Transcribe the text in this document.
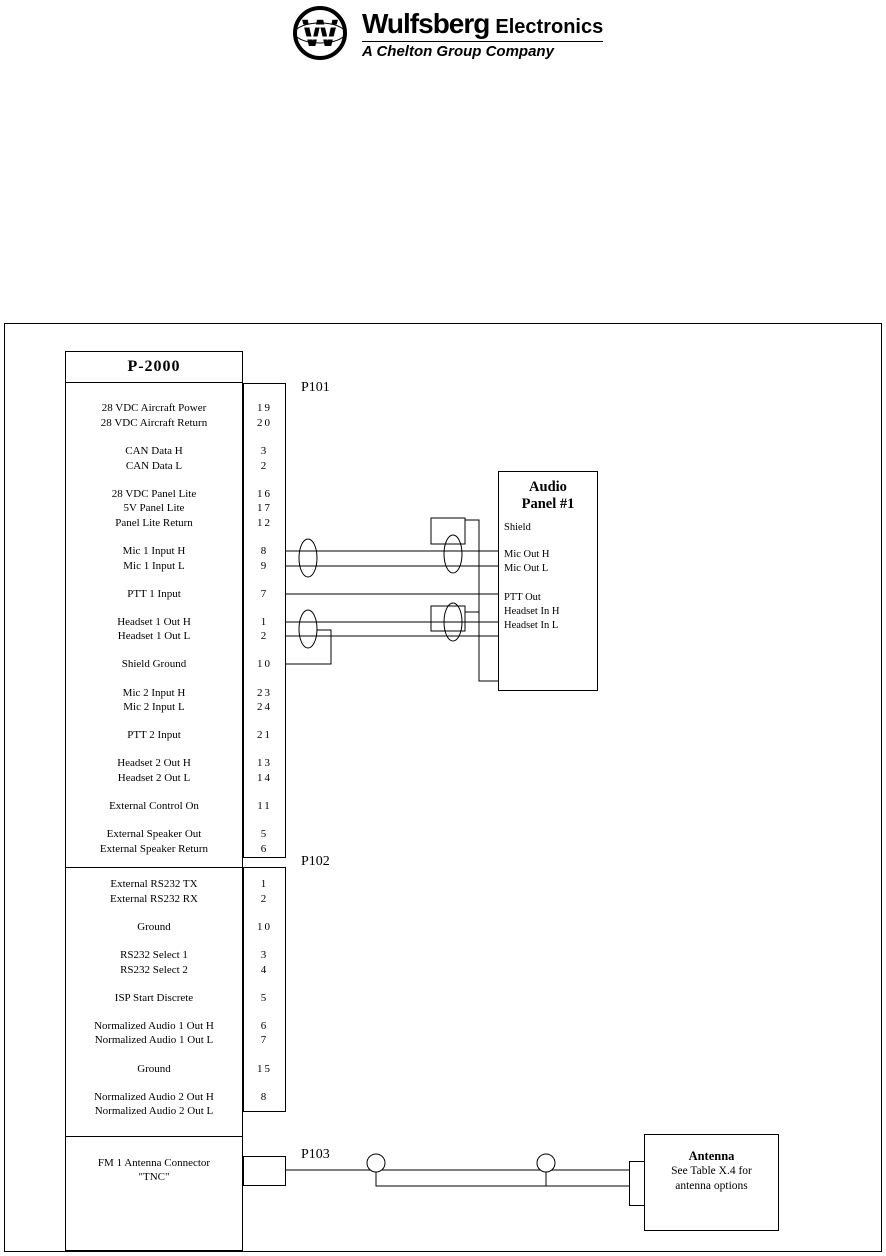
W Wulfsberg Electronics
A Chelton Group Company
P-2000
28 VDC Aircraft Power	19
28 VDC Aircraft Return	20
CAN Data H	3
CAN Data L	2
28 VDC Panel Lite	16
5V Panel Lite	17
Panel Lite Return	12
Mic 1 Input H	8
Mic 1 Input L	9
PTT 1 Input	7
Headset 1 Out H	1
Headset 1 Out L	2
Shield Ground	10
Mic 2 Input H	23
Mic 2 Input L	24
PTT 2 Input	21
Headset 2 Out H	13
Headset 2 Out L	14
External Control On	11
External Speaker Out	5
External Speaker Return	6
External RS232 TX	1
External RS232 RX	2
Ground	10
RS232 Select 1	3
RS232 Select 2	4
ISP Start Discrete	5
Normalized Audio 1 Out H	6
Normalized Audio 1 Out L	7
Ground	15
Normalized Audio 2 Out H	8
Normalized Audio 2 Out L
FM 1 Antenna Connector
"TNC"
P101
P102
P103
Audio
Panel #1
Shield
Mic Out H
Mic Out L
PTT Out
Headset In H
Headset In L
Antenna
See Table X.4 for
antenna options
